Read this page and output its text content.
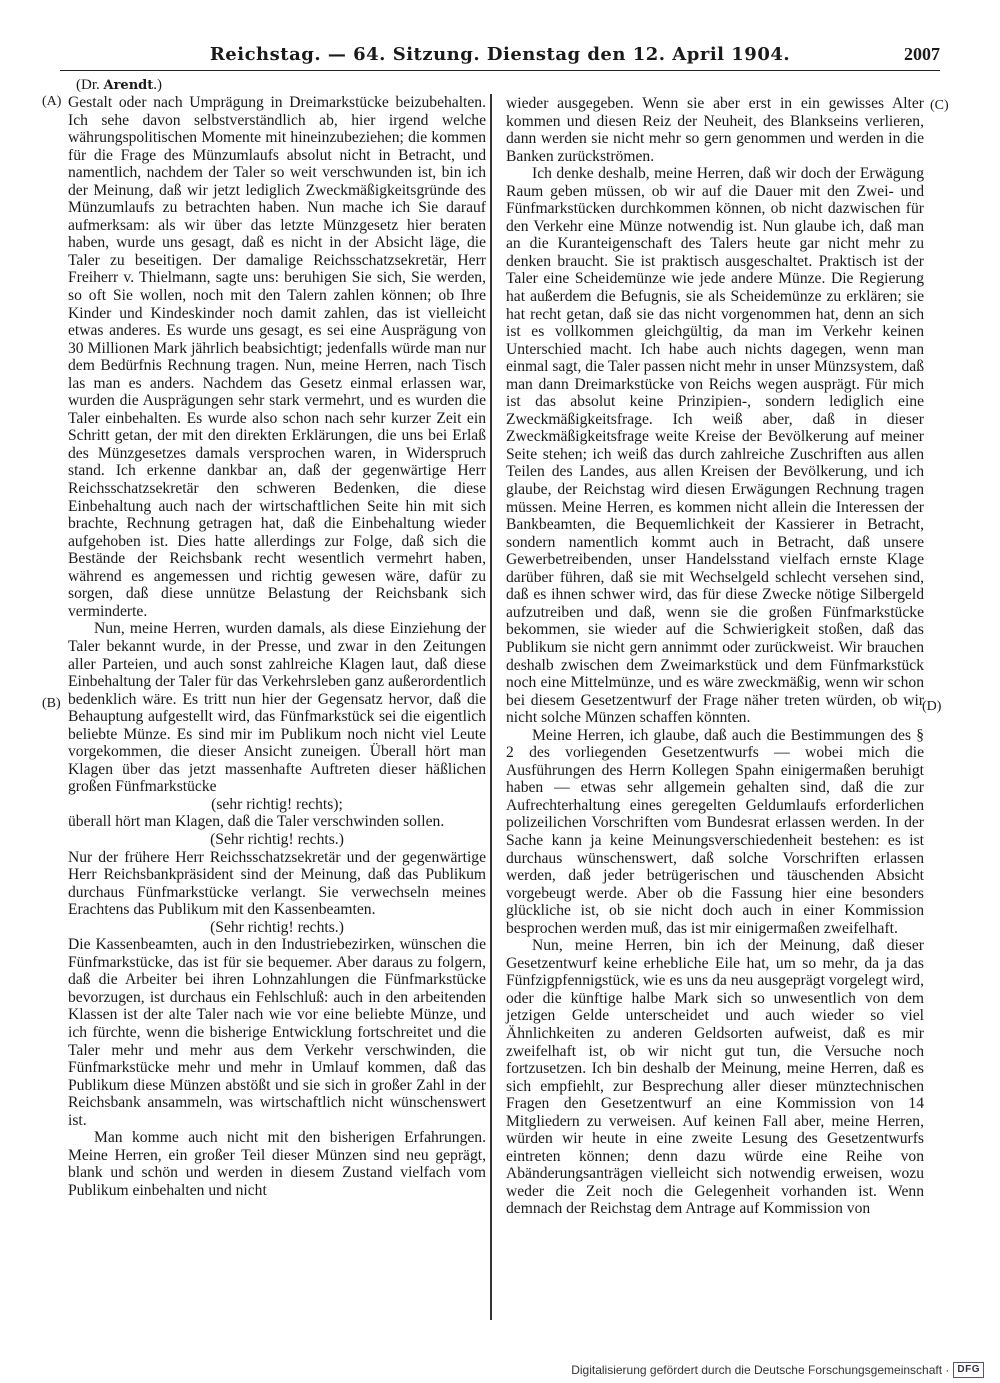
Reichstag. — 64. Sitzung. Dienstag den 12. April 1904.	2007
(Dr. Arendt.)
(A)
(B)
(C)
(D)

Gestalt oder nach Umprägung in Dreimarkstücke beizubehalten. Ich sehe davon selbstverständlich ab, hier irgend welche währungspolitischen Momente mit hineinzubeziehen; die kommen für die Frage des Münzumlaufs absolut nicht in Betracht, und namentlich, nachdem der Taler so weit verschwunden ist, bin ich der Meinung, daß wir jetzt lediglich Zweckmäßigkeitsgründe des Münzumlaufs zu betrachten haben. Nun mache ich Sie darauf aufmerksam: als wir über das letzte Münzgesetz hier beraten haben, wurde uns gesagt, daß es nicht in der Absicht läge, die Taler zu beseitigen. Der damalige Reichsschatzsekretär, Herr Freiherr v. Thielmann, sagte uns: beruhigen Sie sich, Sie werden, so oft Sie wollen, noch mit den Talern zahlen können; ob Ihre Kinder und Kindeskinder noch damit zahlen, das ist vielleicht etwas anderes. Es wurde uns gesagt, es sei eine Ausprägung von 30 Millionen Mark jährlich beabsichtigt; jedenfalls würde man nur dem Bedürfnis Rechnung tragen. Nun, meine Herren, nach Tisch las man es anders. Nachdem das Gesetz einmal erlassen war, wurden die Ausprägungen sehr stark vermehrt, und es wurden die Taler einbehalten. Es wurde also schon nach sehr kurzer Zeit ein Schritt getan, der mit den direkten Erklärungen, die uns bei Erlaß des Münzgesetzes damals versprochen waren, in Widerspruch stand. Ich erkenne dankbar an, daß der gegenwärtige Herr Reichsschatzsekretär den schweren Bedenken, die diese Einbehaltung auch nach der wirtschaftlichen Seite hin mit sich brachte, Rechnung getragen hat, daß die Einbehaltung wieder aufgehoben ist. Dies hatte allerdings zur Folge, daß sich die Bestände der Reichsbank recht wesentlich vermehrt haben, während es angemessen und richtig gewesen wäre, dafür zu sorgen, daß diese unnütze Belastung der Reichsbank sich verminderte.

Nun, meine Herren, wurden damals, als diese Einziehung der Taler bekannt wurde, in der Presse, und zwar in den Zeitungen aller Parteien, und auch sonst zahlreiche Klagen laut, daß diese Einbehaltung der Taler für das Verkehrsleben ganz außerordentlich bedenklich wäre. Es tritt nun hier der Gegensatz hervor, daß die Behauptung aufgestellt wird, das Fünfmarkstück sei die eigentlich beliebte Münze. Es sind mir im Publikum noch nicht viel Leute vorgekommen, die dieser Ansicht zuneigen. Überall hört man Klagen über das jetzt massenhafte Auftreten dieser häßlichen großen Fünfmarkstücke

(sehr richtig! rechts);

überall hört man Klagen, daß die Taler verschwinden sollen.

(Sehr richtig! rechts.)

Nur der frühere Herr Reichsschatzsekretär und der gegenwärtige Herr Reichsbankpräsident sind der Meinung, daß das Publikum durchaus Fünfmarkstücke verlangt. Sie verwechseln meines Erachtens das Publikum mit den Kassenbeamten.

(Sehr richtig! rechts.)

Die Kassenbeamten, auch in den Industriebezirken, wünschen die Fünfmarkstücke, das ist für sie bequemer. Aber daraus zu folgern, daß die Arbeiter bei ihren Lohnzahlungen die Fünfmarkstücke bevorzugen, ist durchaus ein Fehlschluß: auch in den arbeitenden Klassen ist der alte Taler nach wie vor eine beliebte Münze, und ich fürchte, wenn die bisherige Entwicklung fortschreitet und die Taler mehr und mehr aus dem Verkehr verschwinden, die Fünfmarkstücke mehr und mehr in Umlauf kommen, daß das Publikum diese Münzen abstößt und sie sich in großer Zahl in der Reichsbank ansammeln, was wirtschaftlich nicht wünschenswert ist.

Man komme auch nicht mit den bisherigen Erfahrungen. Meine Herren, ein großer Teil dieser Münzen sind neu geprägt, blank und schön und werden in diesem Zustand vielfach vom Publikum einbehalten und nicht

wieder ausgegeben. Wenn sie aber erst in ein gewisses Alter kommen und diesen Reiz der Neuheit, des Blankseins verlieren, dann werden sie nicht mehr so gern genommen und werden in die Banken zurückströmen.

Ich denke deshalb, meine Herren, daß wir doch der Erwägung Raum geben müssen, ob wir auf die Dauer mit den Zwei- und Fünfmarkstücken durchkommen können, ob nicht dazwischen für den Verkehr eine Münze notwendig ist. Nun glaube ich, daß man an die Kuranteigenschaft des Talers heute gar nicht mehr zu denken braucht. Sie ist praktisch ausgeschaltet. Praktisch ist der Taler eine Scheidemünze wie jede andere Münze. Die Regierung hat außerdem die Befugnis, sie als Scheidemünze zu erklären; sie hat recht getan, daß sie das nicht vorgenommen hat, denn an sich ist es vollkommen gleichgültig, da man im Verkehr keinen Unterschied macht. Ich habe auch nichts dagegen, wenn man einmal sagt, die Taler passen nicht mehr in unser Münzsystem, daß man dann Dreimarkstücke von Reichs wegen ausprägt. Für mich ist das absolut keine Prinzipien-, sondern lediglich eine Zweckmäßigkeitsfrage. Ich weiß aber, daß in dieser Zweckmäßigkeitsfrage weite Kreise der Bevölkerung auf meiner Seite stehen; ich weiß das durch zahlreiche Zuschriften aus allen Teilen des Landes, aus allen Kreisen der Bevölkerung, und ich glaube, der Reichstag wird diesen Erwägungen Rechnung tragen müssen. Meine Herren, es kommen nicht allein die Interessen der Bankbeamten, die Bequemlichkeit der Kassierer in Betracht, sondern namentlich kommt auch in Betracht, daß unsere Gewerbetreibenden, unser Handelsstand vielfach ernste Klage darüber führen, daß sie mit Wechselgeld schlecht versehen sind, daß es ihnen schwer wird, das für diese Zwecke nötige Silbergeld aufzutreiben und daß, wenn sie die großen Fünfmarkstücke bekommen, sie wieder auf die Schwierigkeit stoßen, daß das Publikum sie nicht gern annimmt oder zurückweist. Wir brauchen deshalb zwischen dem Zweimarkstück und dem Fünfmarkstück noch eine Mittelmünze, und es wäre zweckmäßig, wenn wir schon bei diesem Gesetzentwurf der Frage näher treten würden, ob wir nicht solche Münzen schaffen könnten.

Meine Herren, ich glaube, daß auch die Bestimmungen des § 2 des vorliegenden Gesetzentwurfs — wobei mich die Ausführungen des Herrn Kollegen Spahn einigermaßen beruhigt haben — etwas sehr allgemein gehalten sind, daß die zur Aufrechterhaltung eines geregelten Geldumlaufs erforderlichen polizeilichen Vorschriften vom Bundesrat erlassen werden. In der Sache kann ja keine Meinungsverschiedenheit bestehen: es ist durchaus wünschenswert, daß solche Vorschriften erlassen werden, daß jeder betrügerischen und täuschenden Absicht vorgebeugt werde. Aber ob die Fassung hier eine besonders glückliche ist, ob sie nicht doch auch in einer Kommission besprochen werden muß, das ist mir einigermaßen zweifelhaft.

Nun, meine Herren, bin ich der Meinung, daß dieser Gesetzentwurf keine erhebliche Eile hat, um so mehr, da ja das Fünfzigpfennigstück, wie es uns da neu ausgeprägt vorgelegt wird, oder die künftige halbe Mark sich so unwesentlich von dem jetzigen Gelde unterscheidet und auch wieder so viel Ähnlichkeiten zu anderen Geldsorten aufweist, daß es mir zweifelhaft ist, ob wir nicht gut tun, die Versuche noch fortzusetzen. Ich bin deshalb der Meinung, meine Herren, daß es sich empfiehlt, zur Besprechung aller dieser münztechnischen Fragen den Gesetzentwurf an eine Kommission von 14 Mitgliedern zu verweisen. Auf keinen Fall aber, meine Herren, würden wir heute in eine zweite Lesung des Gesetzentwurfs eintreten können; denn dazu würde eine Reihe von Abänderungsanträgen vielleicht sich notwendig erweisen, wozu weder die Zeit noch die Gelegenheit vorhanden ist. Wenn demnach der Reichstag dem Antrage auf Kommission von

Digitalisierung gefördert durch die Deutsche Forschungsgemeinschaft · DFG
